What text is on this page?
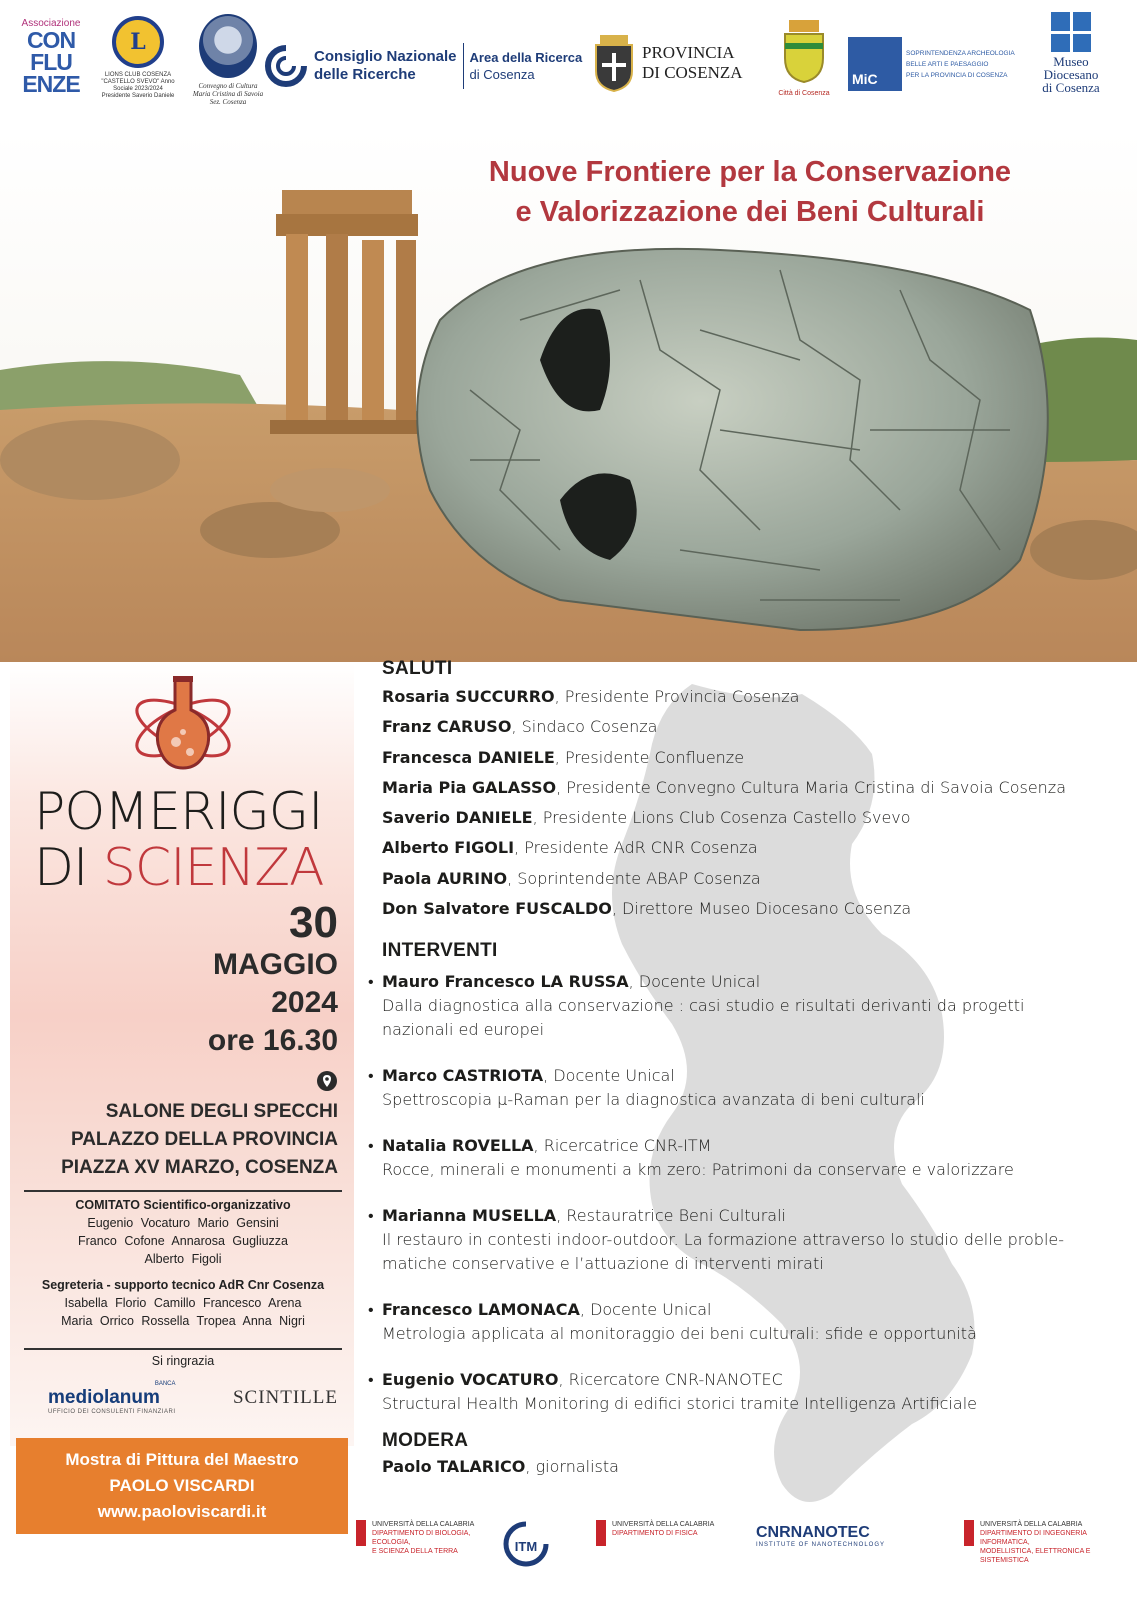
Associazione
CON
FLU
ENZE
L
LIONS CLUB COSENZA "CASTELLO SVEVO" Anno Sociale 2023/2024 Presidente Saverio Daniele
Convegno di Cultura Maria Cristina di Savoia Sez. Cosenza
Consiglio Nazionale
delle Ricerche
Area della Ricerca
di Cosenza
PROVINCIA
DI COSENZA
Città di Cosenza
MiC
SOPRINTENDENZA ARCHEOLOGIA
BELLE ARTI E PAESAGGIO
PER LA PROVINCIA DI COSENZA
Museo
Diocesano
di Cosenza
Nuove Frontiere per la Conservazione
e Valorizzazione dei Beni Culturali
POMERIGGI
DI SCIENZA
30
MAGGIO
2024
ore 16.30
SALONE DEGLI SPECCHI
PALAZZO DELLA PROVINCIA
PIAZZA XV MARZO, COSENZA
COMITATO Scientifico-organizzativo
Eugenio Vocaturo Mario Gensini
Franco Cofone Annarosa Gugliuzza
Alberto Figoli
Segreteria - supporto tecnico AdR Cnr Cosenza
Isabella Florio Camillo Francesco Arena
Maria Orrico Rossella Tropea Anna Nigri
Si ringrazia
BANCA
mediolanum
UFFICIO DEI CONSULENTI FINANZIARI
SCINTILLE
Mostra di Pittura del Maestro
PAOLO VISCARDI
www.paoloviscardi.it
SALUTI
Rosaria SUCCURRO, Presidente Provincia Cosenza
Franz CARUSO, Sindaco Cosenza
Francesca DANIELE, Presidente Confluenze
Maria Pia GALASSO, Presidente Convegno Cultura Maria Cristina di Savoia Cosenza
Saverio DANIELE, Presidente Lions Club Cosenza Castello Svevo
Alberto FIGOLI, Presidente AdR CNR Cosenza
Paola AURINO, Soprintendente ABAP Cosenza
Don Salvatore FUSCALDO, Direttore Museo Diocesano Cosenza
INTERVENTI
• Mauro Francesco LA RUSSA, Docente Unical
Dalla diagnostica alla conservazione : casi studio e risultati derivanti da progetti
nazionali ed europei
• Marco CASTRIOTA, Docente Unical
Spettroscopia µ-Raman per la diagnostica avanzata di beni culturali
• Natalia ROVELLA, Ricercatrice CNR-ITM
Rocce, minerali e monumenti a km zero: Patrimoni da conservare e valorizzare
• Marianna MUSELLA, Restauratrice Beni Culturali
Il restauro in contesti indoor-outdoor. La formazione attraverso lo studio delle proble-
matiche conservative e l’attuazione di interventi mirati
• Francesco LAMONACA, Docente Unical
Metrologia applicata al monitoraggio dei beni culturali: sfide e opportunità
• Eugenio VOCATURO, Ricercatore CNR-NANOTEC
Structural Health Monitoring di edifici storici tramite Intelligenza Artificiale
MODERA
Paolo TALARICO, giornalista
UNIVERSITÀ DELLA CALABRIA
DIPARTIMENTO DI BIOLOGIA, ECOLOGIA,
E SCIENZA DELLA TERRA	ITM
UNIVERSITÀ DELLA CALABRIA
DIPARTIMENTO DI FISICA	CNRNANOTEC
INSTITUTE OF NANOTECHNOLOGY
UNIVERSITÀ DELLA CALABRIA
DIPARTIMENTO DI INGEGNERIA INFORMATICA,
MODELLISTICA, ELETTRONICA E SISTEMISTICA
